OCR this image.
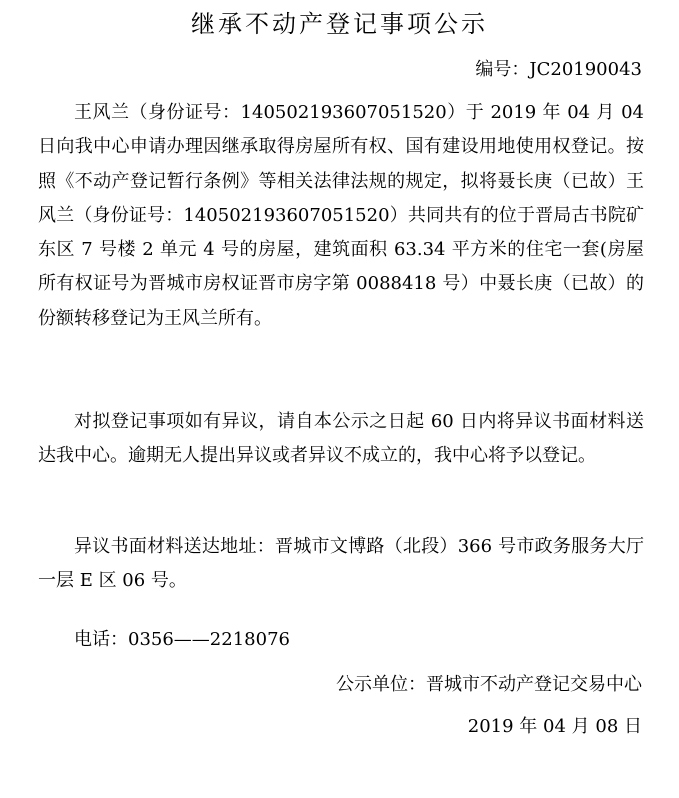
继承不动产登记事项公示
编号：JC20190043

王风兰（身份证号：140502193607051520）于 2019 年 04 月 04 日向我中心申请办理因继承取得房屋所有权、国有建设用地使用权登记。按照《不动产登记暂行条例》等相关法律法规的规定，拟将聂长庚（已故）王风兰（身份证号：140502193607051520）共同共有的位于晋局古书院矿东区 7 号楼 2 单元 4 号的房屋，建筑面积 63.34 平方米的住宅一套(房屋所有权证号为晋城市房权证晋市房字第 0088418 号）中聂长庚（已故）的份额转移登记为王风兰所有。

对拟登记事项如有异议，请自本公示之日起 60 日内将异议书面材料送达我中心。逾期无人提出异议或者异议不成立的，我中心将予以登记。

异议书面材料送达地址：晋城市文博路（北段）366 号市政务服务大厅一层 E 区 06 号。

电话：0356——2218076

公示单位：晋城市不动产登记交易中心
2019 年 04 月 08 日
